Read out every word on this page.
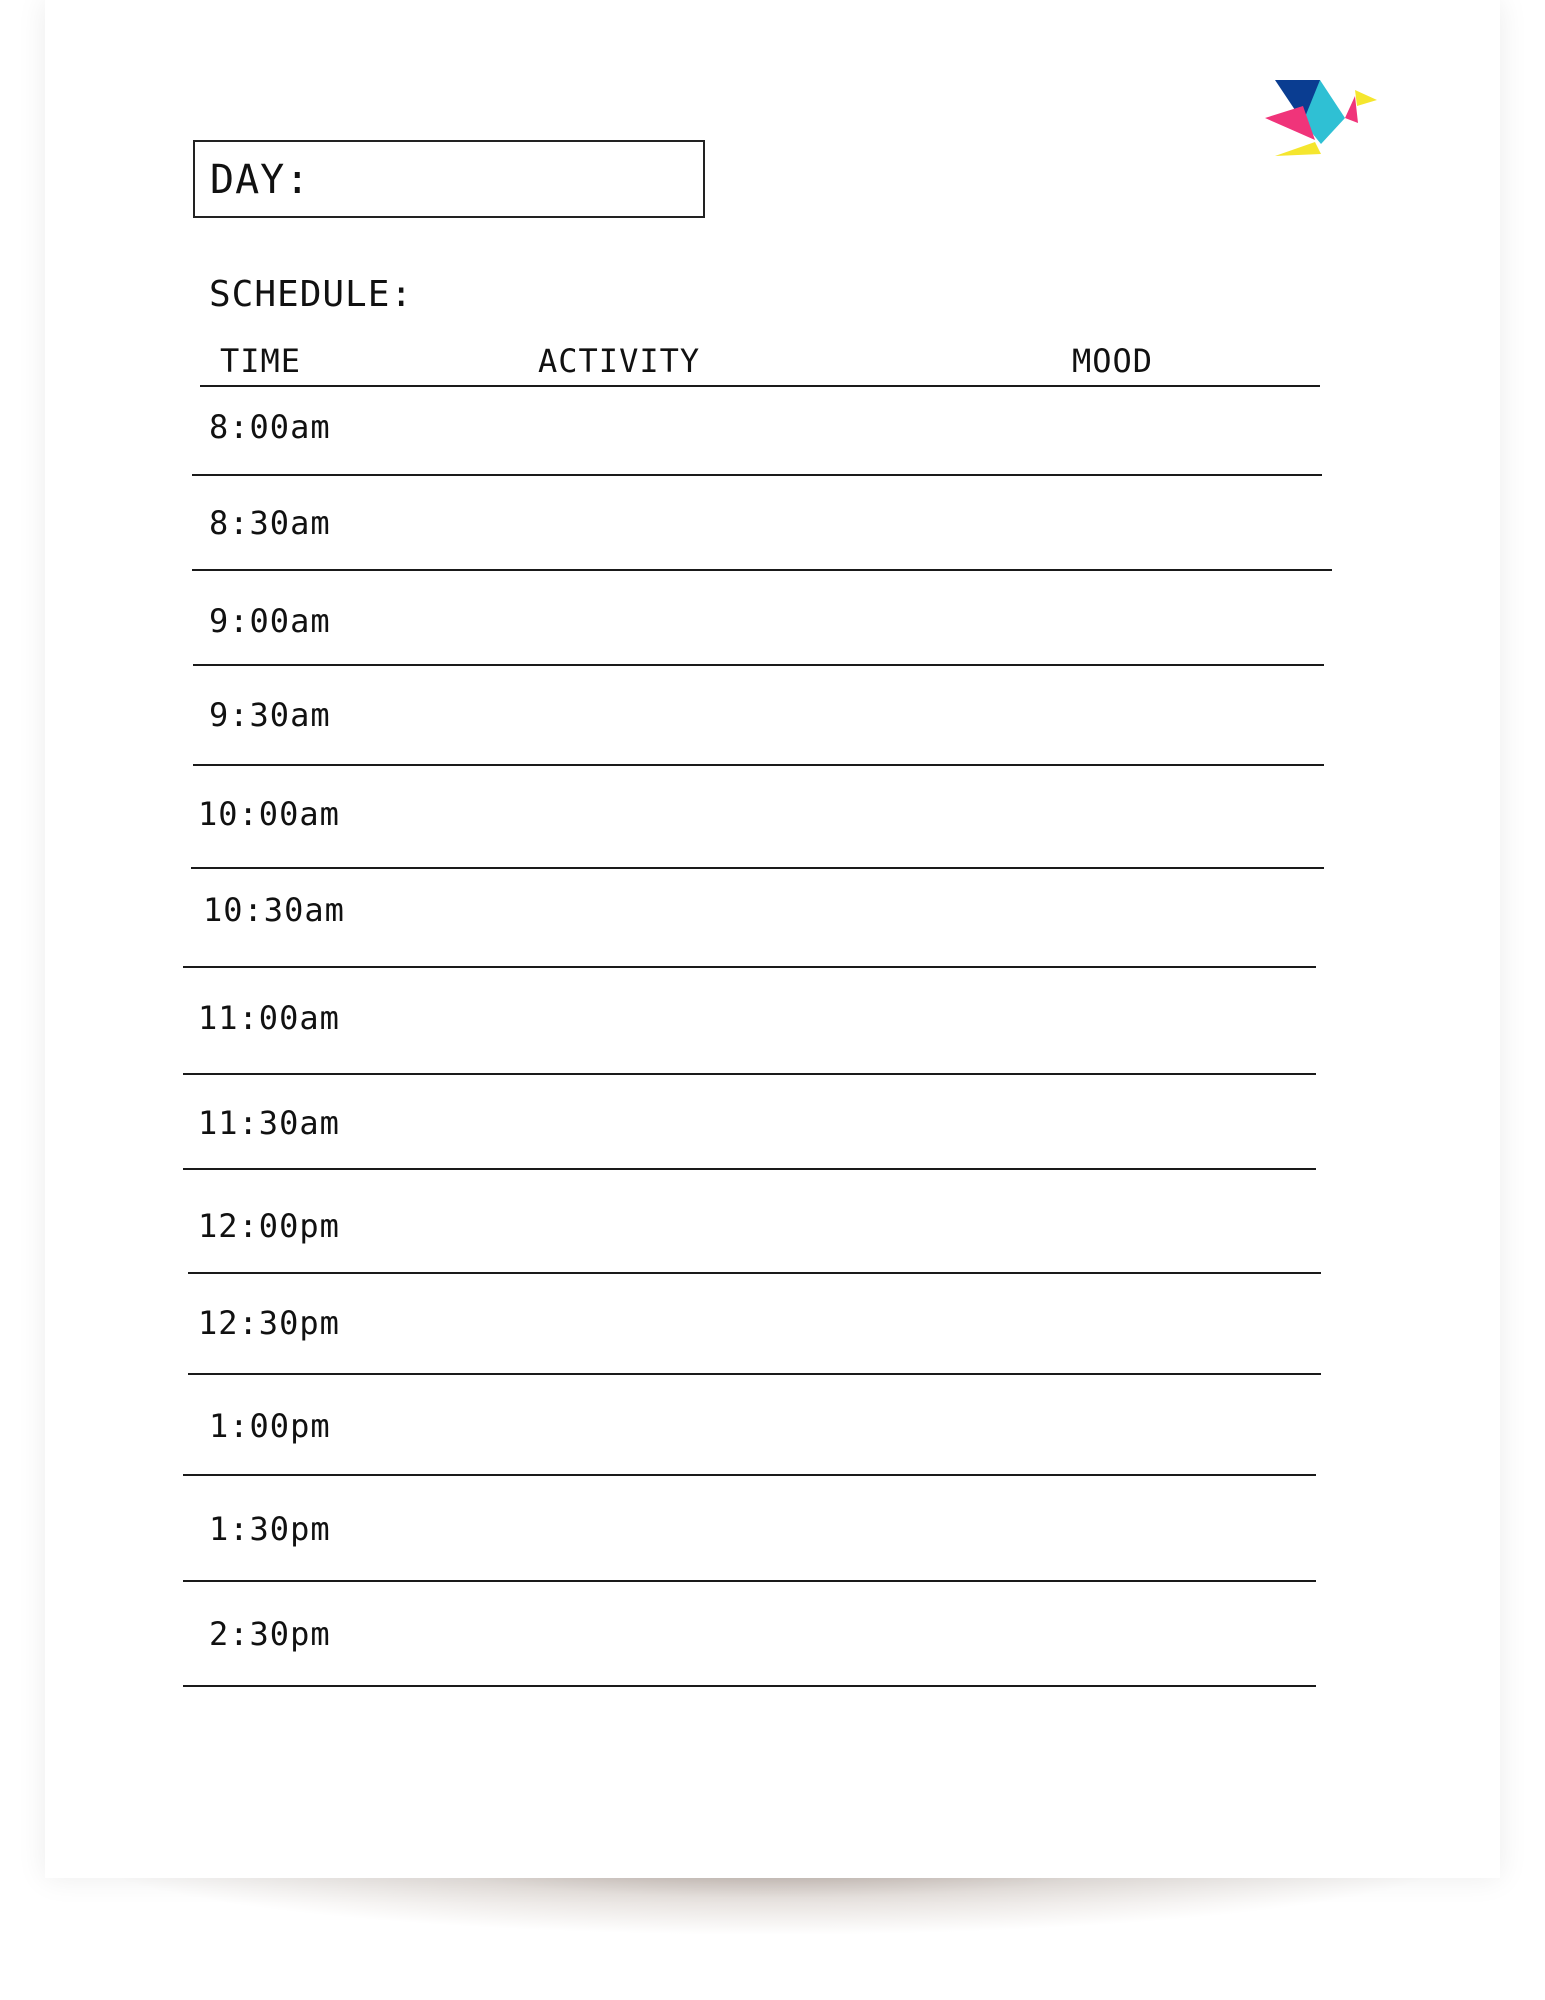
DAY:
SCHEDULE:
TIME	ACTIVITY	MOOD
8:00am
8:30am
9:00am
9:30am
10:00am
10:30am
11:00am
11:30am
12:00pm
12:30pm
1:00pm
1:30pm
2:30pm
